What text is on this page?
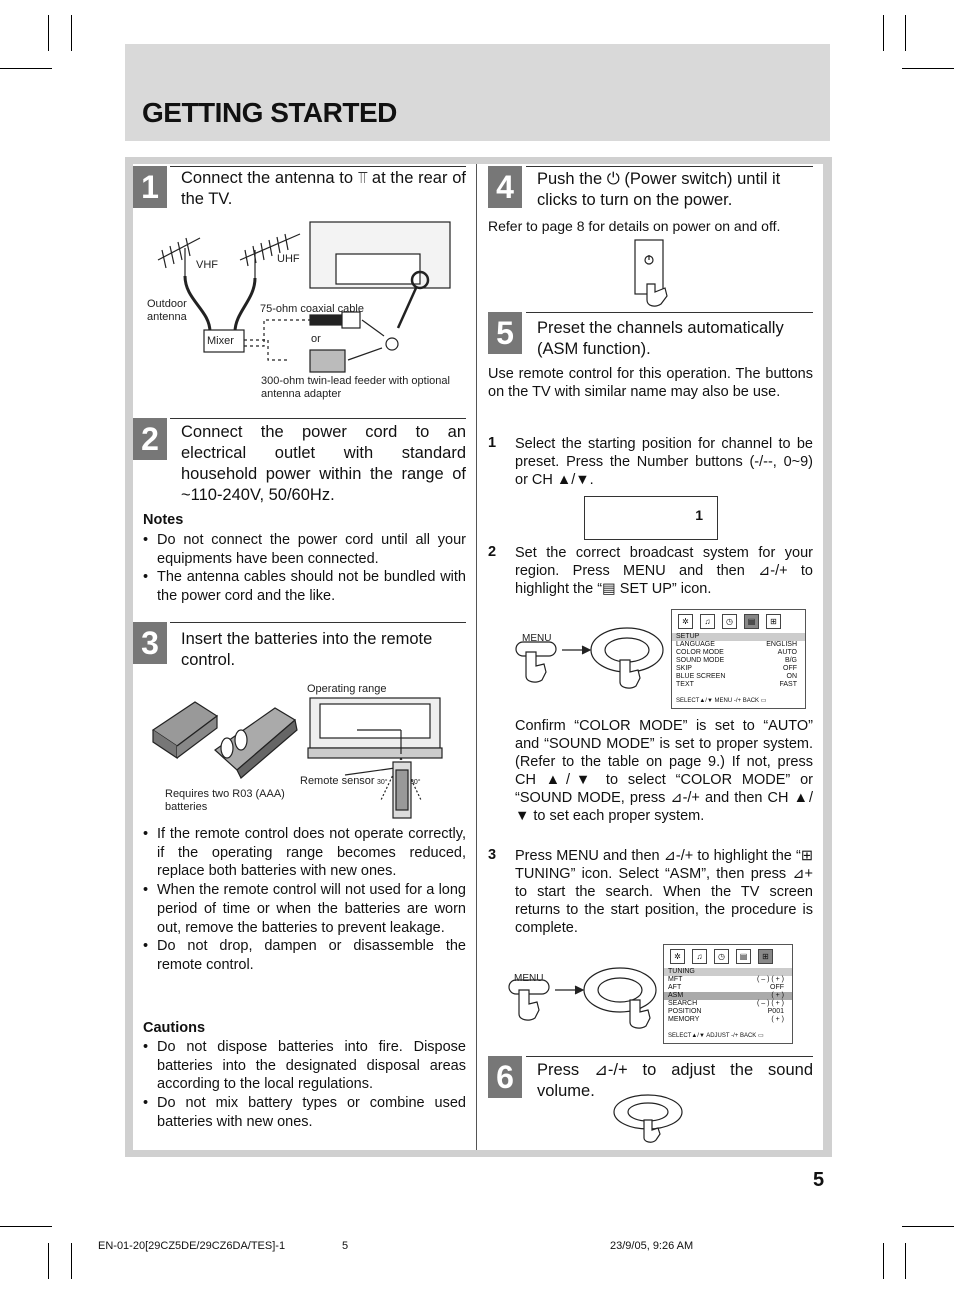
GETTING STARTED
1	Connect the antenna to ⫪ at the rear of the TV.
VHF	UHF
Outdoor antenna
Mixer
75-ohm coaxial cable
or
300-ohm twin-lead feeder with optional antenna adapter
2	Connect the power cord to an electrical outlet with standard household power within the range of ~110-240V, 50/60Hz.
Notes
• Do not connect the power cord until all your equipments have been connected.
• The antenna cables should not be bundled with the power cord and the like.
3	Insert the batteries into the remote control.
Operating range
Remote sensor
Requires two R03 (AAA) batteries
30°	30°
• If the remote control does not operate correctly, if the operating range becomes reduced, replace both batteries with new ones.
• When the remote control will not used for a long period of time or when the batteries are worn out, remove the batteries to prevent leakage.
• Do not drop, dampen or disassemble the remote control.
Cautions
• Do not dispose batteries into fire. Dispose batteries into the designated disposal areas according to the local regulations.
• Do not mix battery types or combine used batteries with new ones.
4	Push the ⏻ (Power switch) until it clicks to turn on the power.
Refer to page 8 for details on power on and off.
5	Preset the channels automatically (ASM function).
Use remote control for this operation. The buttons on the TV with similar name may also be use.
1 Select the starting position for channel to be preset. Press the Number buttons (-/--, 0~9) or CH ▲/▼.
1
2 Set the correct broadcast system for your region. Press MENU and then ⊿-/+ to highlight the “▤ SET UP” icon.
MENU
✲	♫	◷	▤	⊞
SETUP
LANGUAGE	ENGLISH
COLOR MODE	AUTO
SOUND MODE	B/G
SKIP	OFF
BLUE SCREEN	ON
TEXT	FAST
SELECT▲/▼ MENU -/+ BACK ▭
Confirm “COLOR MODE” is set to “AUTO” and “SOUND MODE” is set to proper system. (Refer to the table on page 9.) If not, press CH ▲/▼ to select “COLOR MODE” or “SOUND MODE, press ⊿-/+ and then CH ▲/▼ to set each proper system.
3 Press MENU and then ⊿-/+ to highlight the “⊞ TUNING” icon. Select “ASM”, then press ⊿+ to start the search. When the TV screen returns to the start position, the procedure is complete.
MENU
✲	♫	◷	▤	⊞
TUNING
MFT	( – ) ( + )
AFT	OFF
ASM	( + )
SEARCH	( – ) ( + )
POSITION	P001
MEMORY	( + )
SELECT▲/▼ ADJUST -/+ BACK ▭
6	Press ⊿-/+ to adjust the sound volume.
5
EN-01-20[29CZ5DE/29CZ6DA/TES]-1	5	23/9/05, 9:26 AM
